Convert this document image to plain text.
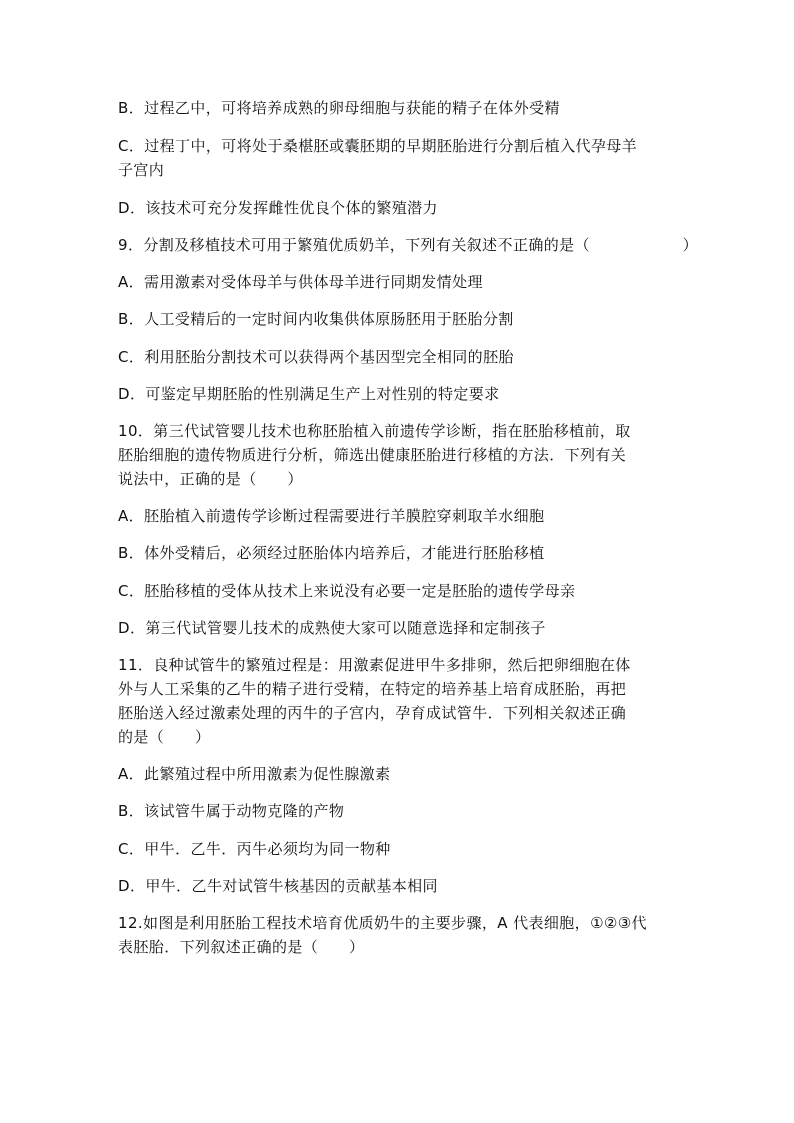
B．过程乙中，可将培养成熟的卵母细胞与获能的精子在体外受精
C．过程丁中，可将处于桑椹胚或囊胚期的早期胚胎进行分割后植入代孕母羊
子宫内
D．该技术可充分发挥雌性优良个体的繁殖潜力
9．分割及移植技术可用于繁殖优质奶羊，下列有关叙述不正确的是（	）
A．需用激素对受体母羊与供体母羊进行同期发情处理
B．人工受精后的一定时间内收集供体原肠胚用于胚胎分割
C．利用胚胎分割技术可以获得两个基因型完全相同的胚胎
D．可鉴定早期胚胎的性别满足生产上对性别的特定要求
10．第三代试管婴儿技术也称胚胎植入前遗传学诊断，指在胚胎移植前，取
胚胎细胞的遗传物质进行分析，筛选出健康胚胎进行移植的方法．下列有关
说法中，正确的是（　　）
A．胚胎植入前遗传学诊断过程需要进行羊膜腔穿刺取羊水细胞
B．体外受精后，必须经过胚胎体内培养后，才能进行胚胎移植
C．胚胎移植的受体从技术上来说没有必要一定是胚胎的遗传学母亲
D．第三代试管婴儿技术的成熟使大家可以随意选择和定制孩子
11．良种试管牛的繁殖过程是：用激素促进甲牛多排卵，然后把卵细胞在体
外与人工采集的乙牛的精子进行受精，在特定的培养基上培育成胚胎，再把
胚胎送入经过激素处理的丙牛的子宫内，孕育成试管牛．下列相关叙述正确
的是（　　）
A．此繁殖过程中所用激素为促性腺激素
B．该试管牛属于动物克隆的产物
C．甲牛．乙牛．丙牛必须均为同一物种
D．甲牛．乙牛对试管牛核基因的贡献基本相同
12.如图是利用胚胎工程技术培育优质奶牛的主要步骤，A 代表细胞，①②③代
表胚胎．下列叙述正确的是（　　）
